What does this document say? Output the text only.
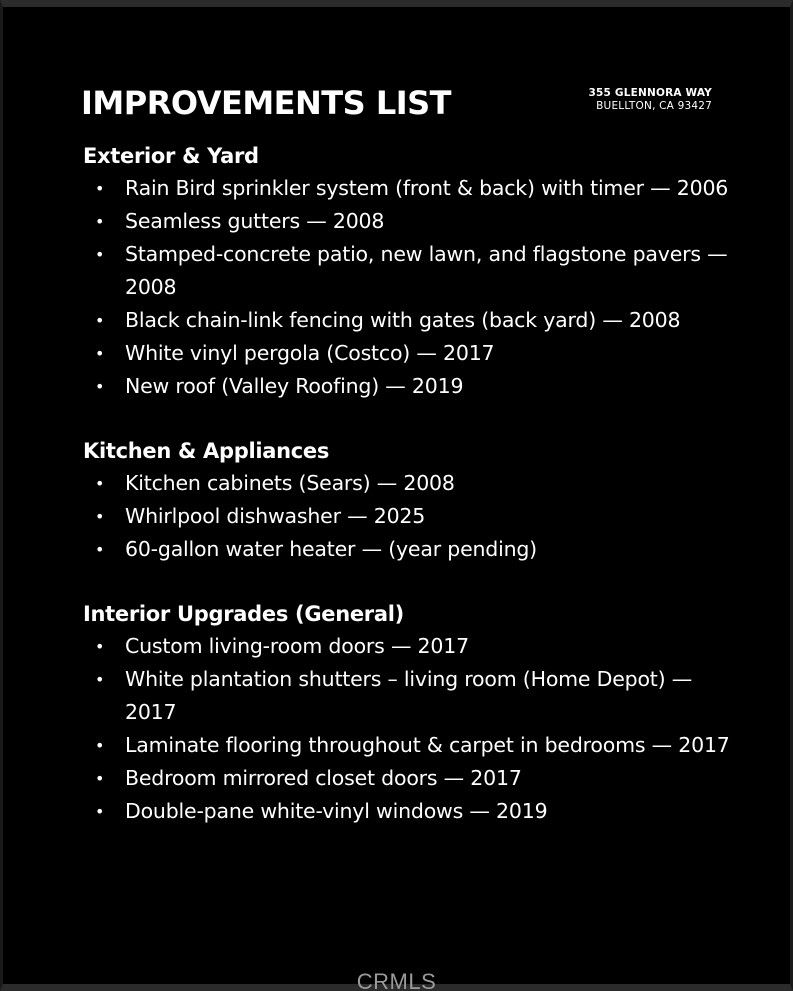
IMPROVEMENTS LIST	355 GLENNORA WAY
BUELLTON, CA 93427
Exterior & Yard
• Rain Bird sprinkler system (front & back) with timer — 2006
• Seamless gutters — 2008
• Stamped-concrete patio, new lawn, and flagstone pavers — 2008
• Black chain-link fencing with gates (back yard) — 2008
• White vinyl pergola (Costco) — 2017
• New roof (Valley Roofing) — 2019
Kitchen & Appliances
• Kitchen cabinets (Sears) — 2008
• Whirlpool dishwasher — 2025
• 60-gallon water heater — (year pending)
Interior Upgrades (General)
• Custom living-room doors — 2017
• White plantation shutters – living room (Home Depot) — 2017
• Laminate flooring throughout & carpet in bedrooms — 2017
• Bedroom mirrored closet doors — 2017
• Double-pane white-vinyl windows — 2019
CRMLS
